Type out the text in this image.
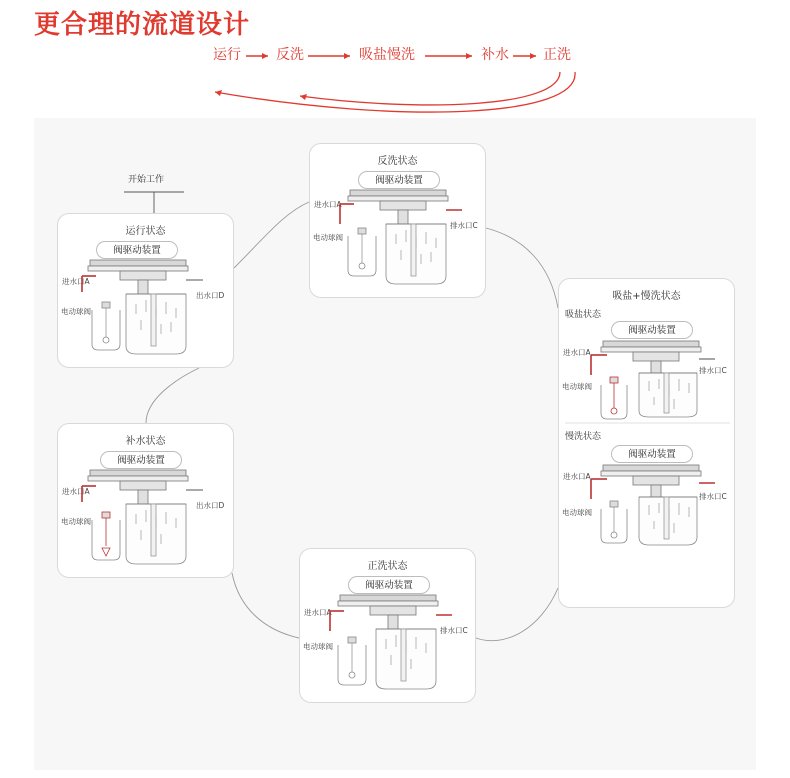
更合理的流道设计
运行	反洗	吸盐慢洗	补水 正洗
开始工作
运行状态
阀驱动装置
进水口A
出水口D
电动球阀
反洗状态
阀驱动装置
进水口A
排水口C
电动球阀
吸盐+慢洗状态
吸盐状态
阀驱动装置
进水口A
排水口C
电动球阀
慢洗状态
阀驱动装置
进水口A
排水口C
电动球阀
补水状态
阀驱动装置
进水口A
出水口D
电动球阀
正洗状态
阀驱动装置
进水口A
排水口C
电动球阀
